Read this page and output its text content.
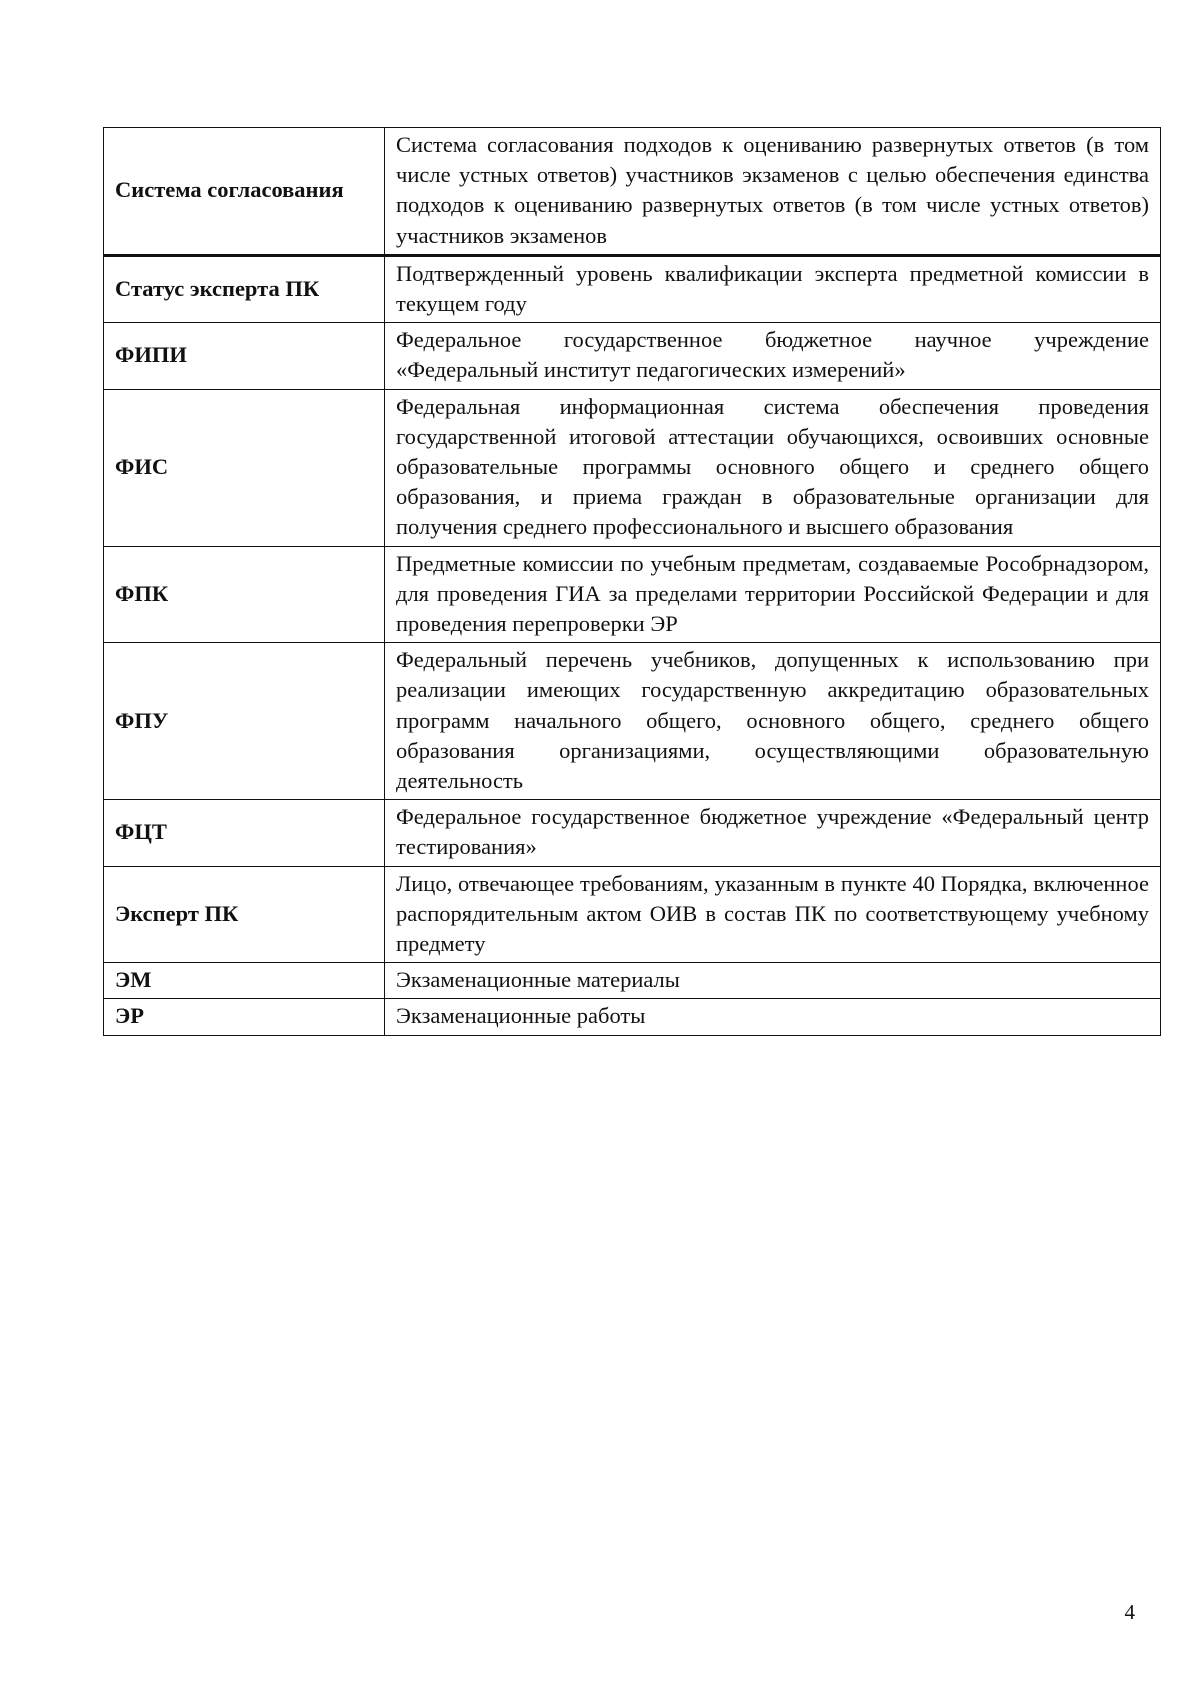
Система согласования	Система согласования подходов к оцениванию развернутых ответов (в том числе устных ответов) участников экзаменов с целью обеспечения единства подходов к оцениванию развернутых ответов (в том числе устных ответов) участников экзаменов
Статус эксперта ПК	Подтвержденный уровень квалификации эксперта предметной комиссии в текущем году
ФИПИ	Федеральное государственное бюджетное научное учреждение «Федеральный институт педагогических измерений»
ФИС	Федеральная информационная система обеспечения проведения государственной итоговой аттестации обучающихся, освоивших основные образовательные программы основного общего и среднего общего образования, и приема граждан в образовательные организации для получения среднего профессионального и высшего образования
ФПК	Предметные комиссии по учебным предметам, создаваемые Рособрнадзором, для проведения ГИА за пределами территории Российской Федерации и для проведения перепроверки ЭР
ФПУ	Федеральный перечень учебников, допущенных к использованию при реализации имеющих государственную аккредитацию образовательных программ начального общего, основного общего, среднего общего образования организациями, осуществляющими образовательную деятельность
ФЦТ	Федеральное государственное бюджетное учреждение «Федеральный центр тестирования»
Эксперт ПК	Лицо, отвечающее требованиям, указанным в пункте 40 Порядка, включенное распорядительным актом ОИВ в состав ПК по соответствующему учебному предмету
ЭМ	Экзаменационные материалы
ЭР	Экзаменационные работы
4
